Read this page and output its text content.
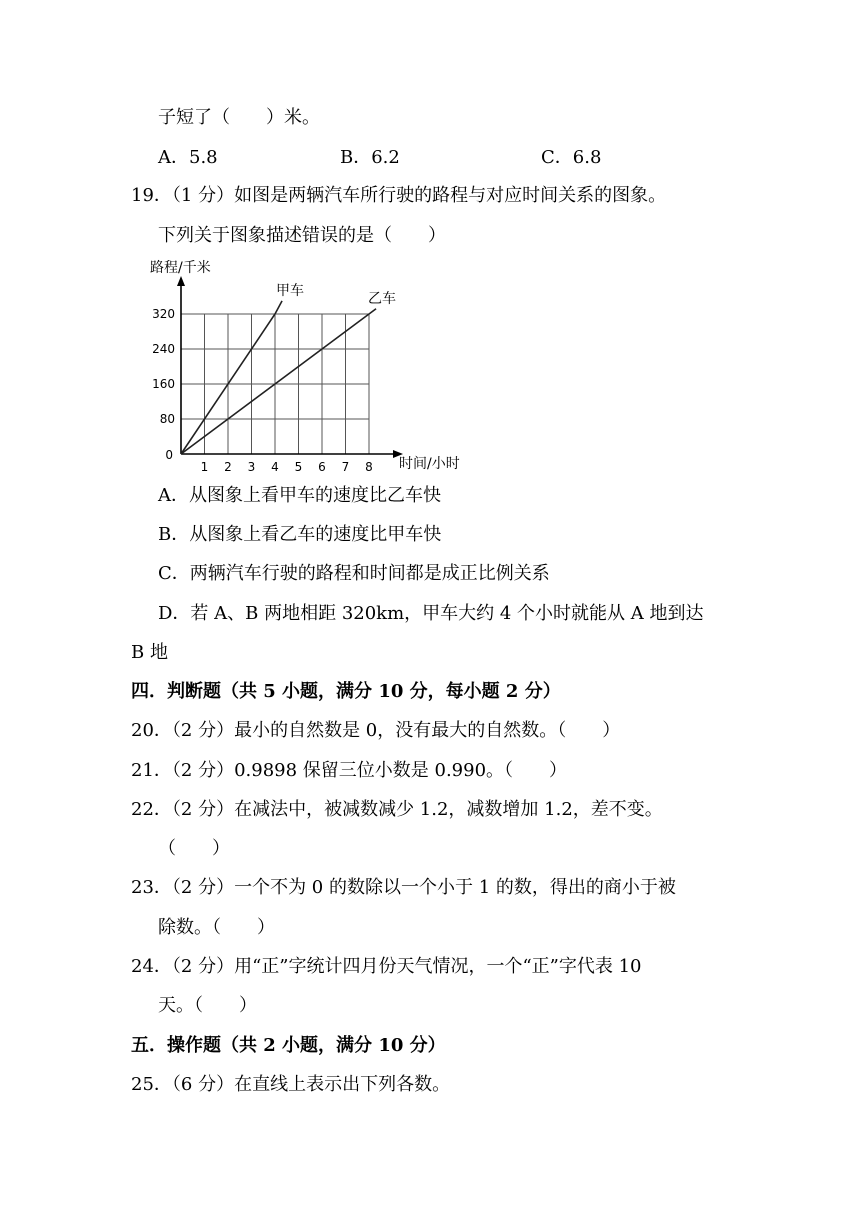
子短了（　　）米。
A．5.8	B．6.2	C．6.8
19．（1 分）如图是两辆汽车所行驶的路程与对应时间关系的图象。
下列关于图象描述错误的是（　　）
1 2 3 4 5 6 7 8
80
160
240
320
0
路程/千米
时间/小时
甲车	乙车
A．从图象上看甲车的速度比乙车快
B．从图象上看乙车的速度比甲车快
C．两辆汽车行驶的路程和时间都是成正比例关系
D．若 A、B 两地相距 320km，甲车大约 4 个小时就能从 A 地到达
B 地
四．判断题（共 5 小题，满分 10 分，每小题 2 分）
20．（2 分）最小的自然数是 0，没有最大的自然数。（　　）
21．（2 分）0.9898 保留三位小数是 0.990。（　　）
22．（2 分）在减法中，被减数减少 1.2，减数增加 1.2，差不变。
（　　）
23．（2 分）一个不为 0 的数除以一个小于 1 的数，得出的商小于被
除数。（　　）
24．（2 分）用“正”字统计四月份天气情况，一个“正”字代表 10
天。（　　）
五．操作题（共 2 小题，满分 10 分）
25．（6 分）在直线上表示出下列各数。
